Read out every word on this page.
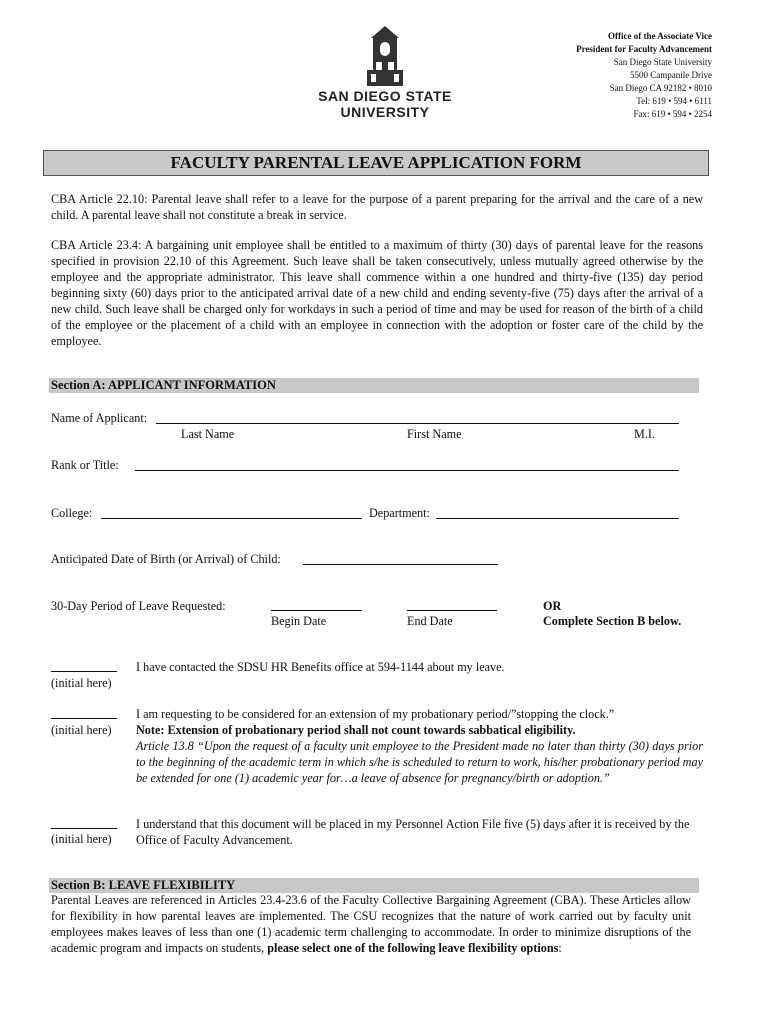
SAN DIEGO STATE
UNIVERSITY
Office of the Associate Vice
President for Faculty Advancement
San Diego State University
5500 Campanile Drive
San Diego CA 92182 • 8010
Tel: 619 • 594 • 6111
Fax: 619 • 594 • 2254
FACULTY PARENTAL LEAVE APPLICATION FORM

CBA Article 22.10: Parental leave shall refer to a leave for the purpose of a parent preparing for the arrival and the care of a new child. A parental leave shall not constitute a break in service.

CBA Article 23.4: A bargaining unit employee shall be entitled to a maximum of thirty (30) days of parental leave for the reasons specified in provision 22.10 of this Agreement. Such leave shall be taken consecutively, unless mutually agreed otherwise by the employee and the appropriate administrator. This leave shall commence within a one hundred and thirty-five (135) day period beginning sixty (60) days prior to the anticipated arrival date of a new child and ending seventy-five (75) days after the arrival of a new child. Such leave shall be charged only for workdays in such a period of time and may be used for reason of the birth of a child of the employee or the placement of a child with an employee in connection with the adoption or foster care of the child by the employee.

Section A: APPLICANT INFORMATION
Name of Applicant:
Last Name	First Name	M.I.
Rank or Title:
College:	Department:
Anticipated Date of Birth (or Arrival) of Child:
30-Day Period of Leave Requested:
Begin Date	End Date
OR
Complete Section B below.
(initial here)
I have contacted the SDSU HR Benefits office at 594-1144 about my leave.
(initial here)
I am requesting to be considered for an extension of my probationary period/”stopping the clock.”
Note: Extension of probationary period shall not count towards sabbatical eligibility.

Article 13.8 “Upon the request of a faculty unit employee to the President made no later than thirty (30) days prior to the beginning of the academic term in which s/he is scheduled to return to work, his/her probationary period may be extended for one (1) academic year for…a leave of absence for pregnancy/birth or adoption.”

(initial here)

I understand that this document will be placed in my Personnel Action File five (5) days after it is received by the Office of Faculty Advancement.

Section B: LEAVE FLEXIBILITY

Parental Leaves are referenced in Articles 23.4-23.6 of the Faculty Collective Bargaining Agreement (CBA). These Articles allow for flexibility in how parental leaves are implemented. The CSU recognizes that the nature of work carried out by faculty unit employees makes leaves of less than one (1) academic term challenging to accommodate. In order to minimize disruptions of the academic program and impacts on students, please select one of the following leave flexibility options:
